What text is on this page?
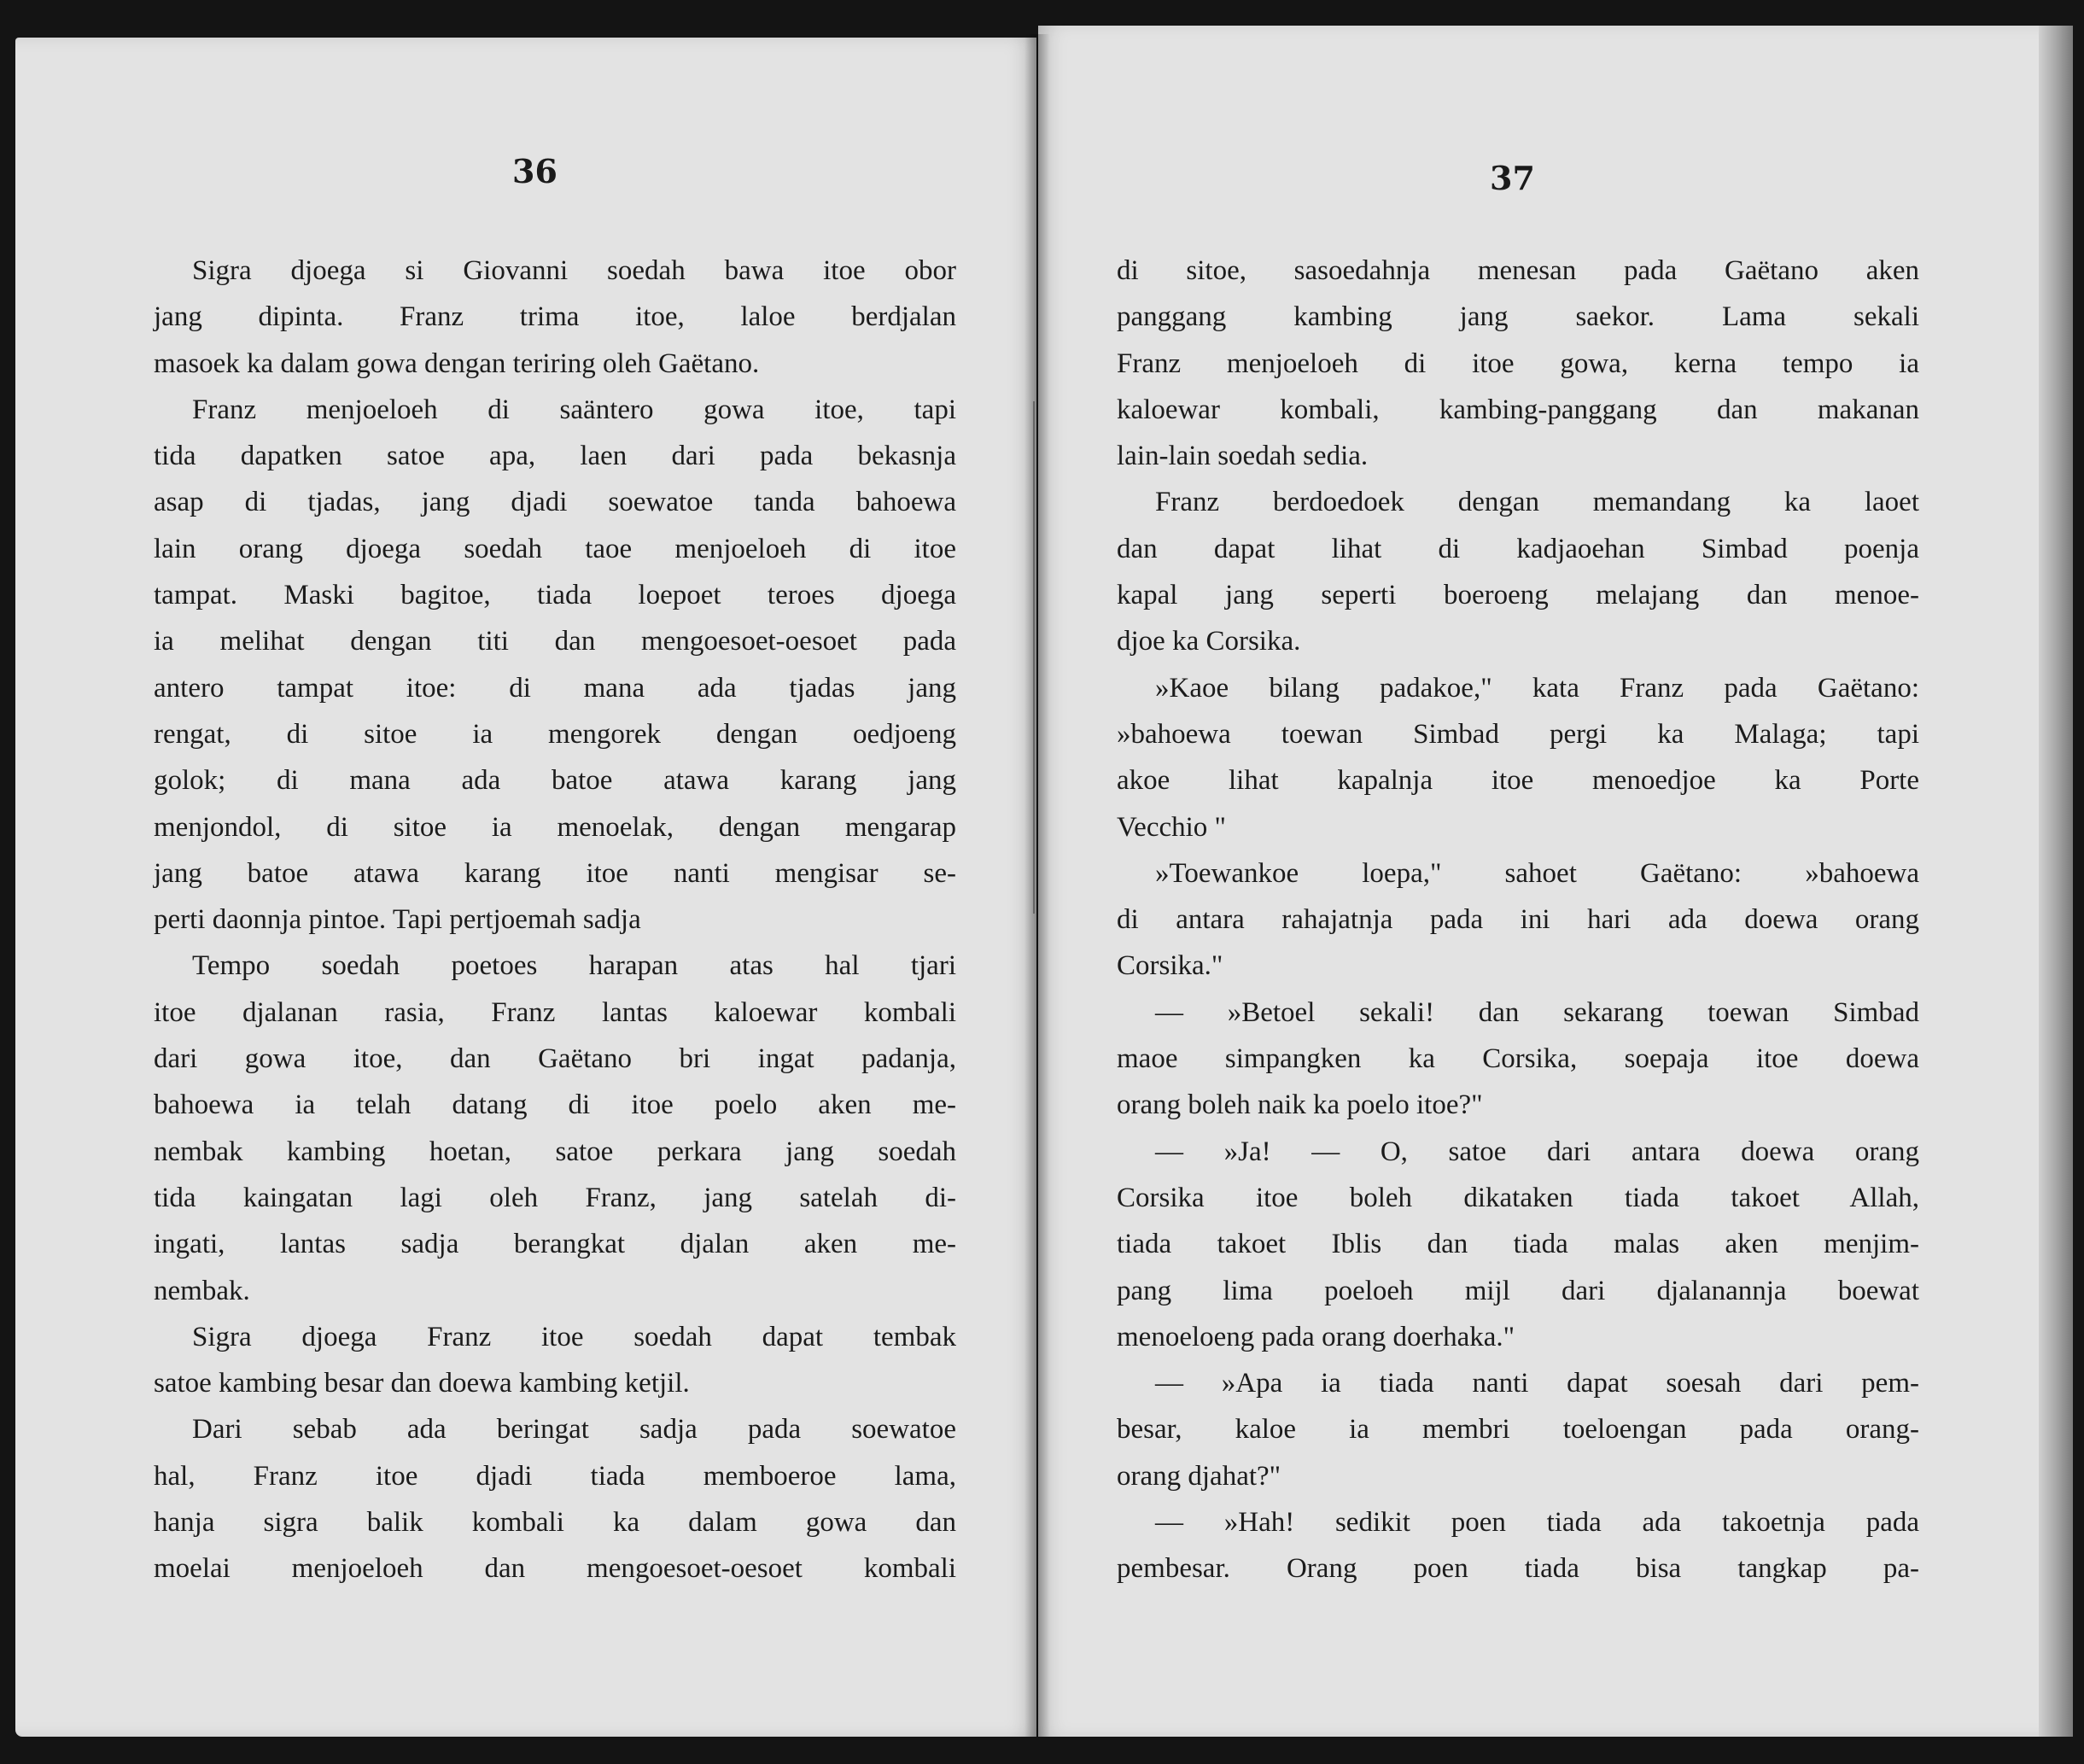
36	37
Sigra djoega si Giovanni soedah bawa itoe obor
jang dipinta. Franz trima itoe, laloe berdjalan
masoek ka dalam gowa dengan teriring oleh Gaëtano.
Franz menjoeloeh di saäntero gowa itoe, tapi
tida dapatken satoe apa, laen dari pada bekasnja
asap di tjadas, jang djadi soewatoe tanda bahoewa
lain orang djoega soedah taoe menjoeloeh di itoe
tampat. Maski bagitoe, tiada loepoet teroes djoega
ia melihat dengan titi dan mengoesoet-oesoet pada
antero tampat itoe: di mana ada tjadas jang
rengat, di sitoe ia mengorek dengan oedjoeng
golok; di mana ada batoe atawa karang jang
menjondol, di sitoe ia menoelak, dengan mengarap
jang batoe atawa karang itoe nanti mengisar se-
perti daonnja pintoe. Tapi pertjoemah sadja
Tempo soedah poetoes harapan atas hal tjari
itoe djalanan rasia, Franz lantas kaloewar kombali
dari gowa itoe, dan Gaëtano bri ingat padanja,
bahoewa ia telah datang di itoe poelo aken me-
nembak kambing hoetan, satoe perkara jang soedah
tida kaingatan lagi oleh Franz, jang satelah di-
ingati, lantas sadja berangkat djalan aken me-
nembak.
Sigra djoega Franz itoe soedah dapat tembak
satoe kambing besar dan doewa kambing ketjil.
Dari sebab ada beringat sadja pada soewatoe
hal, Franz itoe djadi tiada memboeroe lama,
hanja sigra balik kombali ka dalam gowa dan
moelai menjoeloeh dan mengoesoet-oesoet kombali
di sitoe, sasoedahnja menesan pada Gaëtano aken
panggang kambing jang saekor. Lama sekali
Franz menjoeloeh di itoe gowa, kerna tempo ia
kaloewar kombali, kambing-panggang dan makanan
lain-lain soedah sedia.
Franz berdoedoek dengan memandang ka laoet
dan dapat lihat di kadjaoehan Simbad poenja
kapal jang seperti boeroeng melajang dan menoe-
djoe ka Corsika.
»Kaoe bilang padakoe," kata Franz pada Gaëtano:
»bahoewa toewan Simbad pergi ka Malaga; tapi
akoe lihat kapalnja itoe menoedjoe ka Porte
Vecchio "
»Toewankoe loepa," sahoet Gaëtano: »bahoewa
di antara rahajatnja pada ini hari ada doewa orang
Corsika."
— »Betoel sekali! dan sekarang toewan Simbad
maoe simpangken ka Corsika, soepaja itoe doewa
orang boleh naik ka poelo itoe?"
— »Ja! — O, satoe dari antara doewa orang
Corsika itoe boleh dikataken tiada takoet Allah,
tiada takoet Iblis dan tiada malas aken menjim-
pang lima poeloeh mijl dari djalanannja boewat
menoeloeng pada orang doerhaka."
— »Apa ia tiada nanti dapat soesah dari pem-
besar, kaloe ia membri toeloengan pada orang-
orang djahat?"
— »Hah! sedikit poen tiada ada takoetnja pada
pembesar. Orang poen tiada bisa tangkap pa-
